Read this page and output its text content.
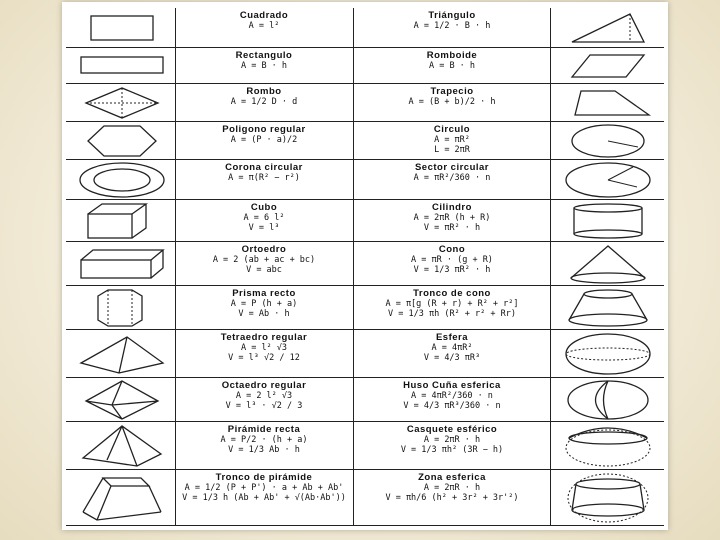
Cuadrado
A = l²
Triángulo
A = 1/2 · B · h
Rectangulo
A = B · h
Romboide
A = B · h
Rombo
A = 1/2 D · d
Trapecio
A = (B + b)/2 · h
Poligono regular
A = (P · a)/2
Circulo
A = πR²
L = 2πR
Corona circular
A = π(R² − r²)
Sector circular
A = πR²/360 · n
Cubo
A = 6 l²
V = l³
Cilindro
A = 2πR (h + R)
V = πR² · h
Ortoedro
A = 2 (ab + ac + bc)
V = abc
Cono
A = πR · (g + R)
V = 1/3 πR² · h
Prisma recto
A = P (h + a)
V = Ab · h
Tronco de cono
A = π[g (R + r) + R² + r²]
V = 1/3 πh (R² + r² + Rr)
Tetraedro regular
A = l² √3
V = l³ √2 / 12
Esfera
A = 4πR²
V = 4/3 πR³
Octaedro regular
A = 2 l² √3
V = l³ · √2 / 3
Huso Cuña esferica
A = 4πR²/360 · n
V = 4/3 πR³/360 · n
Pirámide recta
A = P/2 · (h + a)
V = 1/3 Ab · h
Casquete esférico
A = 2πR · h
V = 1/3 πh² (3R − h)
Tronco de pirámide
A = 1/2 (P + P') · a + Ab + Ab'
V = 1/3 h (Ab + Ab' + √(Ab·Ab'))
Zona esferica
A = 2πR · h
V = πh/6 (h² + 3r² + 3r'²)
